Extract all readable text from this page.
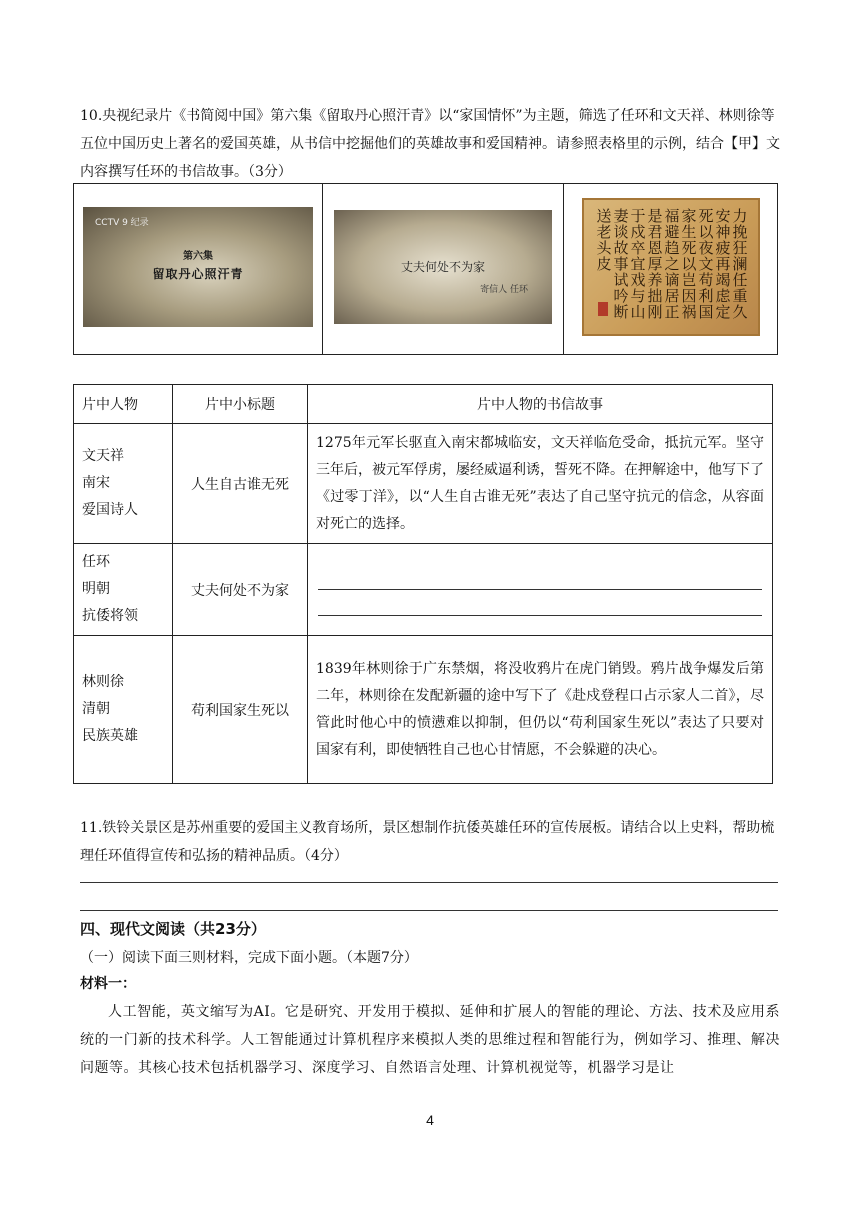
10.央视纪录片《书简阅中国》第六集《留取丹心照汗青》以“家国情怀”为主题，筛选了任环和文天祥、林则徐等五位中国历史上著名的爱国英雄，从书信中挖掘他们的英雄故事和爱国精神。请参照表格里的示例，结合【甲】文内容撰写任环的书信故事。（3分）

CCTV 9 纪录
第六集
留取丹心照汗青	丈夫何处不为家
寄信人 任环	力挽狂澜任重久安神疲再竭虑定死以夜文苟利国家生死以岂因祸福避趋之谪居正是君恩厚养拙刚于戍卒宜戏与山妻谈故事试吟断送老头皮
片中人物	片中小标题	片中人物的书信故事

文天祥
南宋
爱国诗人	人生自古谁无死	1275年元军长驱直入南宋都城临安，文天祥临危受命，抵抗元军。坚守三年后，被元军俘虏，屡经威逼利诱，誓死不降。在押解途中，他写下了《过零丁洋》，以“人生自古谁无死”表达了自己坚守抗元的信念，从容面对死亡的选择。

任环
明朝
抗倭将领	丈夫何处不为家	

林则徐
清朝
民族英雄	苟利国家生死以	1839年林则徐于广东禁烟，将没收鸦片在虎门销毁。鸦片战争爆发后第二年，林则徐在发配新疆的途中写下了《赴戍登程口占示家人二首》，尽管此时他心中的愤懑难以抑制，但仍以“苟利国家生死以”表达了只要对国家有利，即使牺牲自己也心甘情愿，不会躲避的决心。

11.铁铃关景区是苏州重要的爱国主义教育场所，景区想制作抗倭英雄任环的宣传展板。请结合以上史料，帮助梳理任环值得宣传和弘扬的精神品质。（4分）

四、现代文阅读（共23分）

（一）阅读下面三则材料，完成下面小题。（本题7分）

材料一：

人工智能，英文缩写为AI。它是研究、开发用于模拟、延伸和扩展人的智能的理论、方法、技术及应用系统的一门新的技术科学。人工智能通过计算机程序来模拟人类的思维过程和智能行为，例如学习、推理、解决问题等。其核心技术包括机器学习、深度学习、自然语言处理、计算机视觉等，机器学习是让

4
